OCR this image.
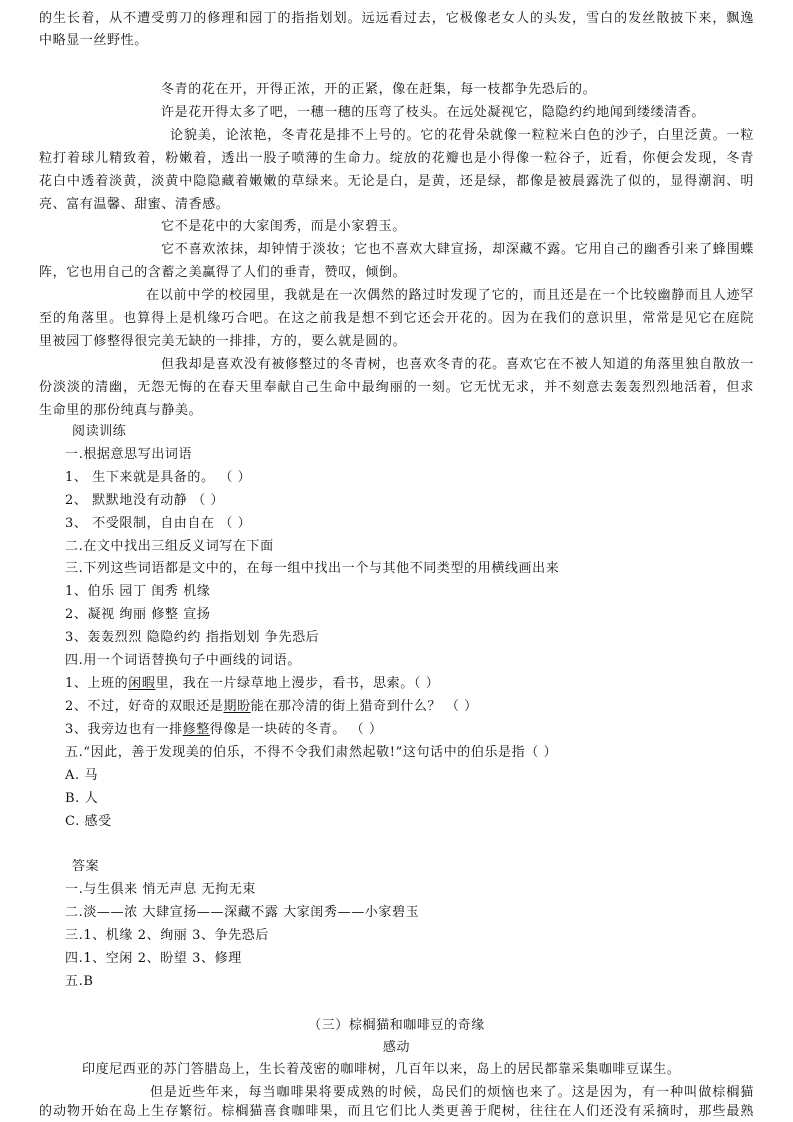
的生长着，从不遭受剪刀的修理和园丁的指指划划。远远看过去，它极像老女人的头发，雪白的发丝散披下来，飘逸
中略显一丝野性。
冬青的花在开，开得正浓，开的正紧，像在赶集，每一枝都争先恐后的。
许是花开得太多了吧，一穗一穗的压弯了枝头。在远处凝视它，隐隐约约地闻到缕缕清香。
论貌美，论浓艳，冬青花是排不上号的。它的花骨朵就像一粒粒米白色的沙子，白里泛黄。一粒
粒打着球儿精致着，粉嫩着，透出一股子喷薄的生命力。绽放的花瓣也是小得像一粒谷子，近看，你便会发现，冬青
花白中透着淡黄，淡黄中隐隐藏着嫩嫩的草绿来。无论是白，是黄，还是绿，都像是被晨露洗了似的，显得潮润、明
亮、富有温馨、甜蜜、清香感。
它不是花中的大家闺秀，而是小家碧玉。
它不喜欢浓抹，却钟情于淡妆；它也不喜欢大肆宣扬，却深藏不露。它用自己的幽香引来了蜂围蝶
阵，它也用自己的含蓄之美赢得了人们的垂青，赞叹，倾倒。
在以前中学的校园里，我就是在一次偶然的路过时发现了它的，而且还是在一个比较幽静而且人迹罕
至的角落里。也算得上是机缘巧合吧。在这之前我是想不到它还会开花的。因为在我们的意识里，常常是见它在庭院
里被园丁修整得很完美无缺的一排排，方的，要么就是圆的。
但我却是喜欢没有被修整过的冬青树，也喜欢冬青的花。喜欢它在不被人知道的角落里独自散放一
份淡淡的清幽，无怨无悔的在春天里奉献自己生命中最绚丽的一刻。它无忧无求，并不刻意去轰轰烈烈地活着，但求
生命里的那份纯真与静美。
阅读训练
一.根据意思写出词语
1、 生下来就是具备的。 （ ）
2、 默默地没有动静 （ ）
3、 不受限制，自由自在 （ ）
二.在文中找出三组反义词写在下面
三.下列这些词语都是文中的，在每一组中找出一个与其他不同类型的用横线画出来
1、伯乐 园丁 闺秀 机缘
2、凝视 绚丽 修整 宣扬
3、轰轰烈烈 隐隐约约 指指划划 争先恐后
四.用一个词语替换句子中画线的词语。
1、上班的闲暇里，我在一片绿草地上漫步，看书，思索。（ ）
2、不过，好奇的双眼还是期盼能在那冷清的街上猎奇到什么？ （ ）
3、我旁边也有一排修整得像是一块砖的冬青。 （ ）
五.“因此，善于发现美的伯乐，不得不令我们肃然起敬!”这句话中的伯乐是指（ ）
A. 马
B. 人
C. 感受
答案
一.与生俱来 悄无声息 无拘无束
二.淡——浓 大肆宣扬——深藏不露 大家闺秀——小家碧玉
三.1、机缘 2、绚丽 3、争先恐后
四.1、空闲 2、盼望 3、修理
五.B
（三）棕榈猫和咖啡豆的奇缘
感动
印度尼西亚的苏门答腊岛上，生长着茂密的咖啡树，几百年以来，岛上的居民都靠采集咖啡豆谋生。
但是近些年来，每当咖啡果将要成熟的时候，岛民们的烦恼也来了。这是因为，有一种叫做棕榈猫
的动物开始在岛上生存繁衍。棕榈猫喜食咖啡果，而且它们比人类更善于爬树，往往在人们还没有采摘时，那些最熟
